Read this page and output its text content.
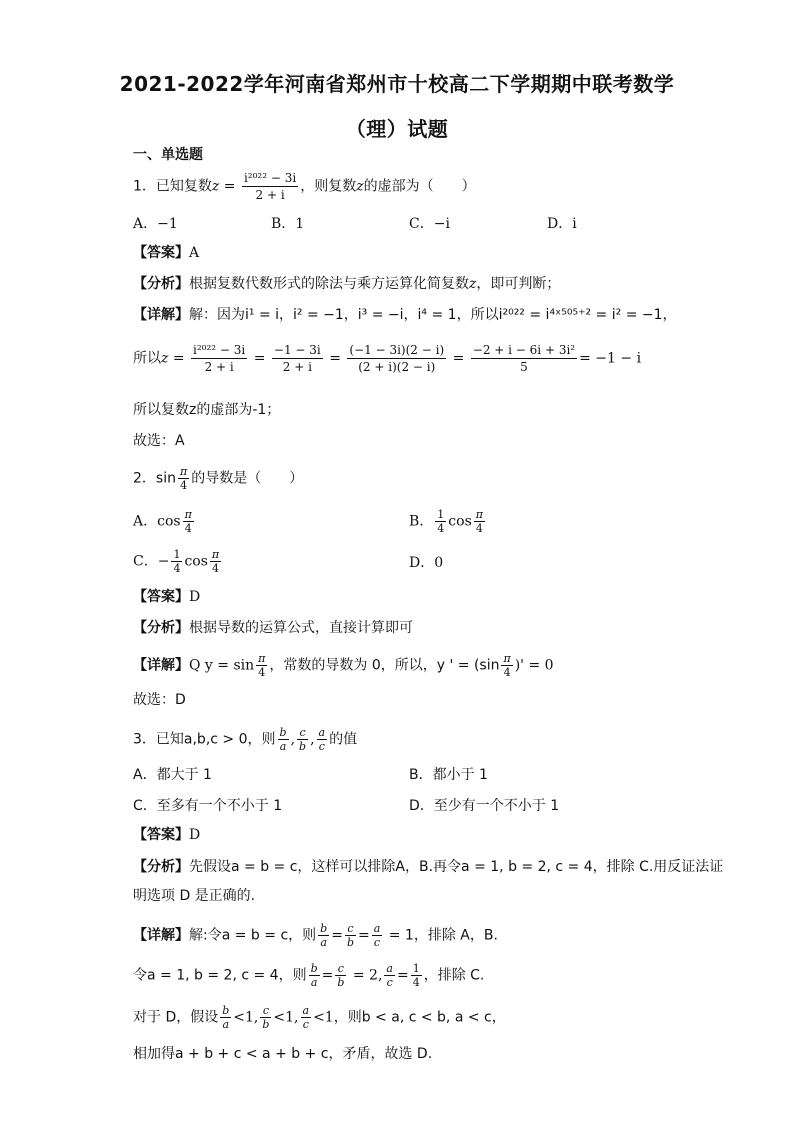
2021-2022学年河南省郑州市十校高二下学期期中联考数学
（理）试题
一、单选题
1．已知复数$z = \frac{\text{i²⁰²² − 3i}}{2 + i}$ ，则复数z的虚部为（　　）
A．−1	B．1	C．−i	D．i
【答案】A
【分析】根据复数代数形式的除法与乘方运算化简复数z，即可判断；
【详解】解：因为i¹ = i，i² = −1，i³ = −i，i⁴ = 1，所以i²⁰²² = i⁴ˣ⁵⁰⁵⁺² = i² = −1，
所以$z = \frac{\text{i²⁰²² − 3i}}{2 + i} = \frac{-1 - 3i}{2 + i} = \frac{(-1 - 3i)(2 - i)}{(2 + i)(2 - i)} = \frac{\text{−2 + i − 6i + 3i²}}{5} = -1 - i$
所以复数z的虚部为-1；
故选：A
2．$\sin \frac{\pi}{4}$ 的导数是（　　）
A．$\cos \frac{\pi}{4}$	B． $\frac{1}{4}$ $\cos \frac{\pi}{4}$
C．− $\frac{1}{4}$ $\cos \frac{\pi}{4}$	D．0
【答案】D
【分析】根据导数的运算公式，直接计算即可
【详解】Q $y = \sin \frac{\pi}{4}$ ，常数的导数为 0，所以，y ' = ($\sin \frac{\pi}{4}$ )' = 0
故选：D
3．已知a,b,c > 0，则 $\frac{b}{a}$ , $\frac{c}{b}$ , $\frac{a}{c}$ 的值
A．都大于 1	B．都小于 1
C．至多有一个不小于 1	D．至少有一个不小于 1
【答案】D
【分析】先假设a = b = c，这样可以排除A，B.再令a = 1, b = 2, c = 4，排除 C.用反证法证
明选项 D 是正确的.
【详解】解:令a = b = c，则 $\frac{b}{a} = \frac{c}{b} = \frac{a}{c} = 1$，排除 A，B.
令a = 1, b = 2, c = 4，则 $\frac{b}{a} = \frac{c}{b} = 2$, $\frac{a}{c} = \frac{1}{4}$ ，排除 C.
对于 D，假设 $\frac{b}{a} <1$, $\frac{c}{b} <1$, $\frac{a}{c} <1$，则b < a, c < b, a < c，
相加得a + b + c < a + b + c，矛盾，故选 D.
